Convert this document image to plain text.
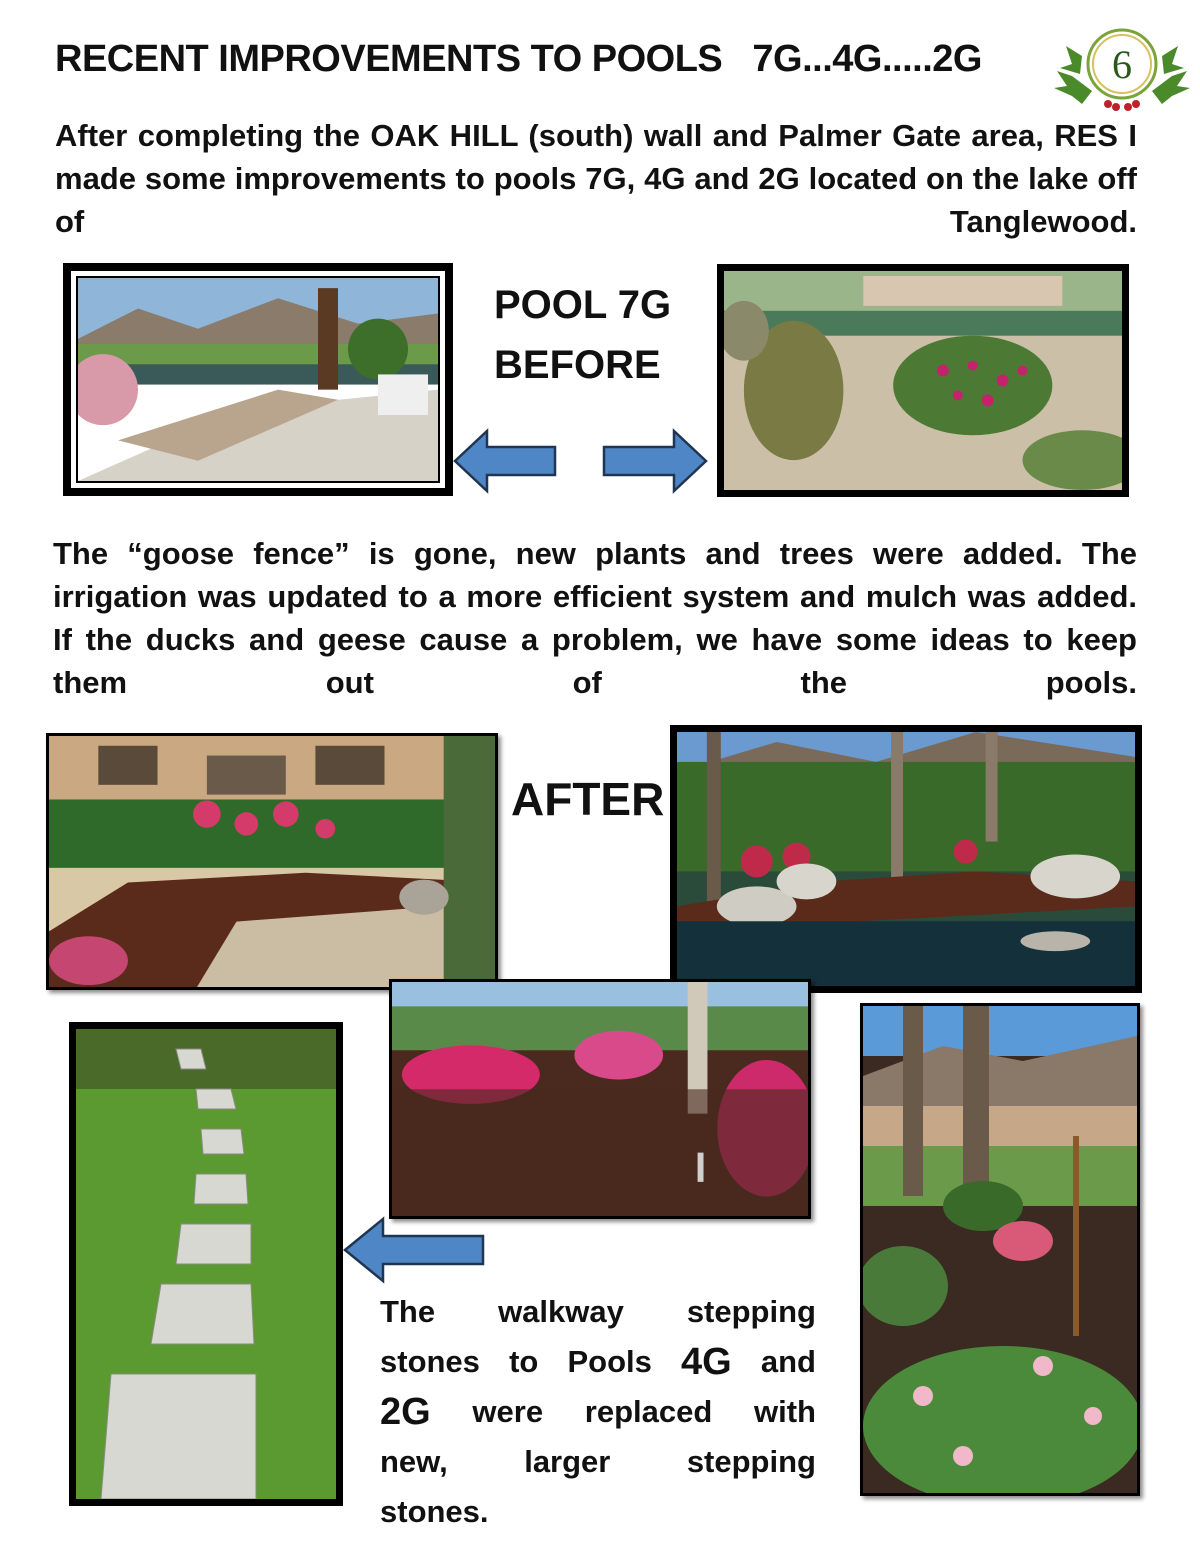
RECENT IMPROVEMENTS TO POOLS   7G...4G.....2G	6
After completing the OAK HILL (south) wall and Palmer Gate area, RES I made some improvements to pools 7G, 4G and 2G located on the lake off of Tanglewood.
POOL 7G
BEFORE
The “goose fence” is gone, new plants and trees were added. The irrigation was updated to a more efficient system and mulch was added. If the ducks and geese cause a problem, we have some ideas to keep them out of the pools.
AFTER
The walkway stepping
stones to Pools 4G and
2G were replaced with
new, larger stepping
stones.
